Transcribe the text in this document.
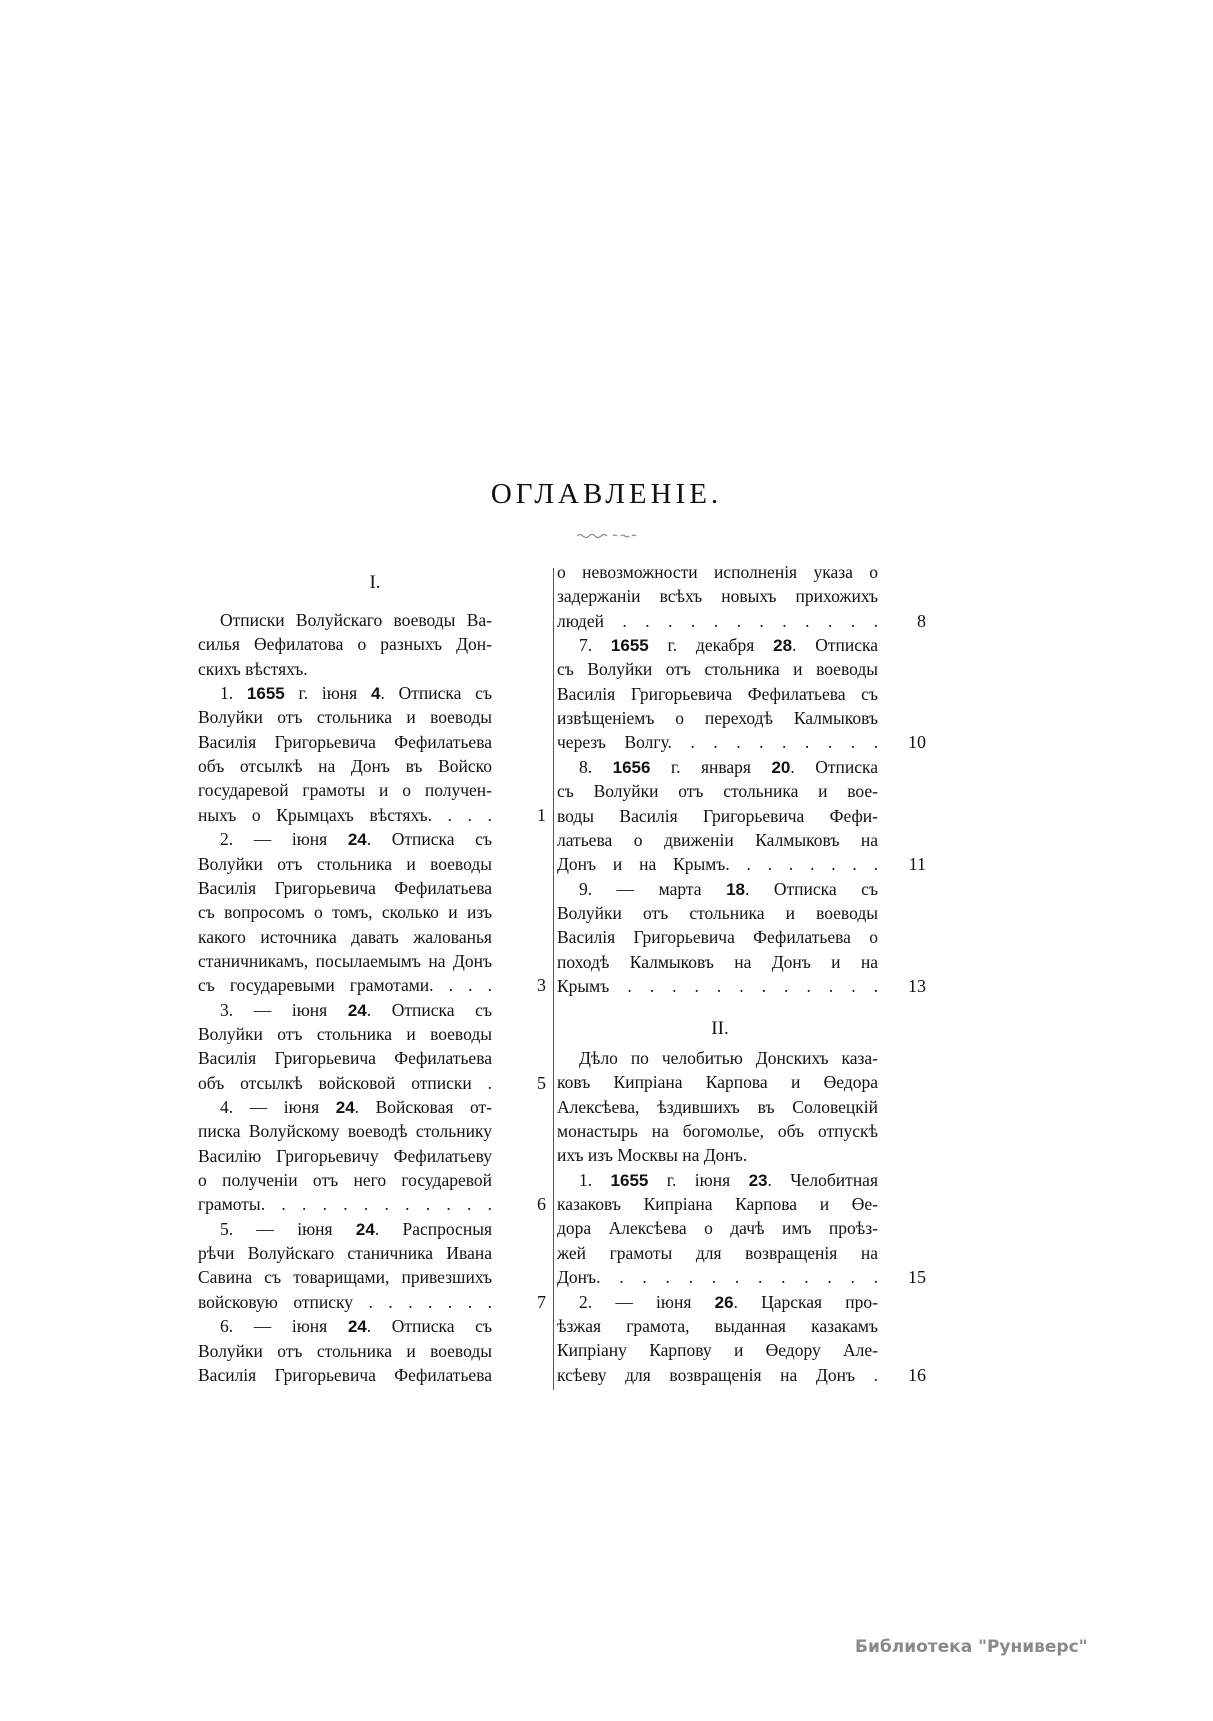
ОГЛАВЛЕНІЕ.
I.
Отписки Волуйскаго воеводы Ва-
силья Өефилатова о разныхъ Дон-
скихъ вѣстяхъ.
1. 1655 г. іюня 4. Отписка съ
Волуйки отъ стольника и воеводы
Василія Григорьевича Фефилатьева
объ отсылкѣ на Донъ въ Войско
государевой грамоты и о получен-
ныхъ о Крымцахъ вѣстяхъ. . . .
2. — іюня 24. Отписка съ
Волуйки отъ стольника и воеводы
Василія Григорьевича Фефилатьева
съ вопросомъ о томъ, сколько и изъ
какого источника давать жалованья
станичникамъ, посылаемымъ на Донъ
съ государевыми грамотами. . . .
3. — іюня 24. Отписка съ
Волуйки отъ стольника и воеводы
Василія Григорьевича Фефилатьева
объ отсылкѣ войсковой отписки .
4. — іюня 24. Войсковая от-
писка Волуйскому воеводѣ стольнику
Василію Григорьевичу Фефилатьеву
о полученіи отъ него государевой
грамоты. . . . . . . . . . . .
5. — іюня 24. Распросныя
рѣчи Волуйскаго станичника Ивана
Савина съ товарищами, привезшихъ
войсковую отписку . . . . . . .
6. — іюня 24. Отписка съ
Волуйки отъ стольника и воеводы
Василія Григорьевича Фефилатьева
1
3
5
6
7
о невозможности исполненія указа о
задержаніи всѣхъ новыхъ прихожихъ
людей . . . . . . . . . . . .
7. 1655 г. декабря 28. Отписка
съ Волуйки отъ стольника и воеводы
Василія Григорьевича Фефилатьева съ
извѣщеніемъ о переходѣ Калмыковъ
черезъ Волгу. . . . . . . . . .
8. 1656 г. января 20. Отписка
съ Волуйки отъ стольника и вое-
воды Василія Григорьевича Фефи-
латьева о движеніи Калмыковъ на
Донъ и на Крымъ. . . . . . . .
9. — марта 18. Отписка съ
Волуйки отъ стольника и воеводы
Василія Григорьевича Фефилатьева о
походѣ Калмыковъ на Донъ и на
Крымъ . . . . . . . . . . . .
II.
Дѣло по челобитью Донскихъ каза-
ковъ Кипріана Карпова и Өедора
Алексѣева, ѣздившихъ въ Соловецкій
монастырь на богомолье, объ отпускѣ
ихъ изъ Москвы на Донъ.
1. 1655 г. іюня 23. Челобитная
казаковъ Кипріана Карпова и Өе-
дора Алексѣева о дачѣ имъ проѣз-
жей грамоты для возвращенія на
Донъ. . . . . . . . . . . . .
2. — іюня 26. Царская про-
ѣзжая грамота, выданная казакамъ
Кипріану Карпову и Өедору Але-
ксѣеву для возвращенія на Донъ .
8
10
11
13
15
16
Библиотека "Руниверс"
